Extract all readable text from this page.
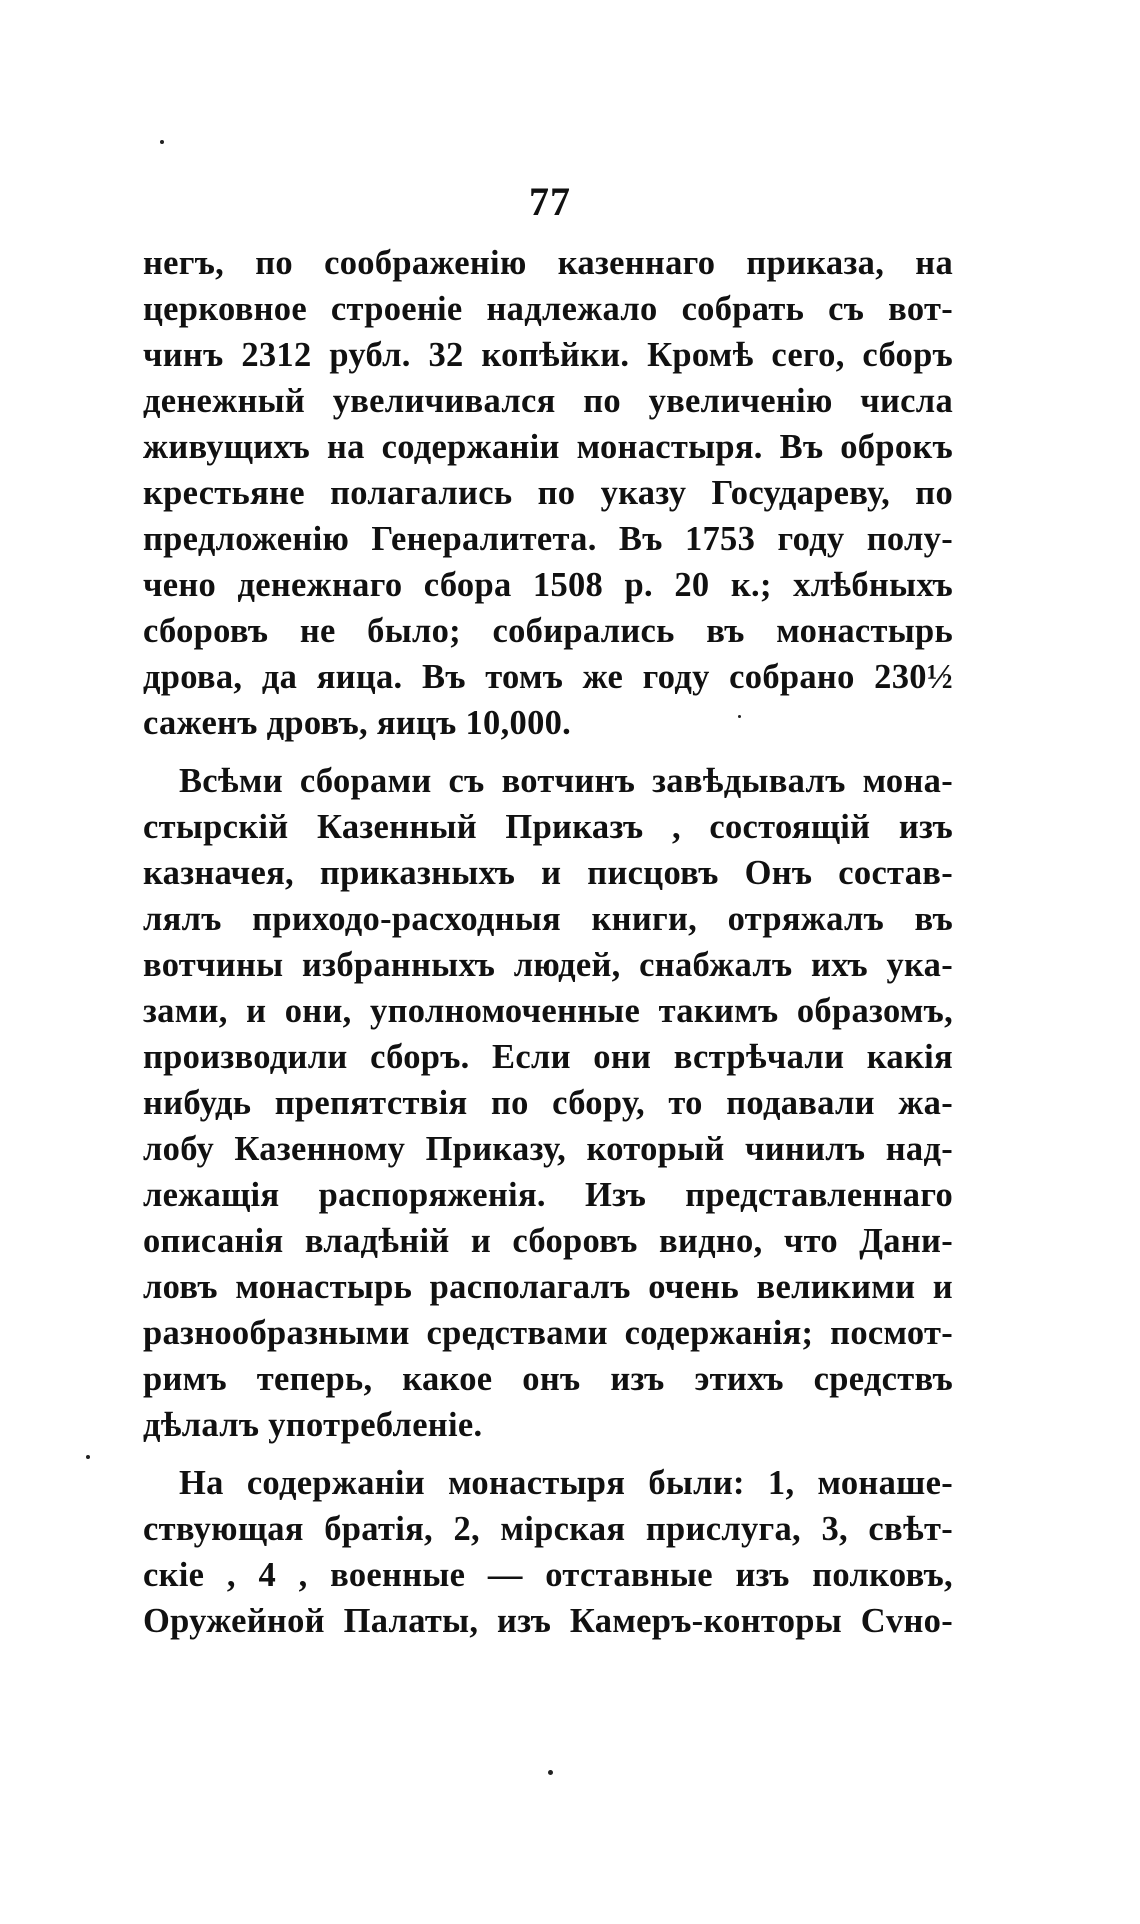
77
негъ, по соображенію казеннаго приказа, на
церковное строеніе надлежало собрать съ вот-
чинъ 2312 рубл. 32 копѣйки. Кромѣ сего, сборъ
денежный увеличивался по увеличенію числа
живущихъ на содержаніи монастыря. Въ оброкъ
крестьяне полагались по указу Государеву, по
предложенію Генералитета. Въ 1753 году полу-
чено денежнаго сбора 1508 р. 20 к.; хлѣбныхъ
сборовъ не было; собирались въ монастырь
дрова, да яица. Въ томъ же году собрано 230½
саженъ дровъ, яицъ 10,000.
Всѣми сборами съ вотчинъ завѣдывалъ мона-
стырскій Казенный Приказъ , состоящій изъ
казначея, приказныхъ и писцовъ Онъ состав-
лялъ приходо-расходныя книги, отряжалъ въ
вотчины избранныхъ людей, снабжалъ ихъ ука-
зами, и они, уполномоченные такимъ образомъ,
производили сборъ. Если они встрѣчали какія
нибудь препятствія по сбору, то подавали жа-
лобу Казенному Приказу, который чинилъ над-
лежащія распоряженія. Изъ представленнаго
описанія владѣній и сборовъ видно, что Дани-
ловъ монастырь располагалъ очень великими и
разнообразными средствами содержанія; посмот-
римъ теперь, какое онъ изъ этихъ средствъ
дѣлалъ употребленіе.
На содержаніи монастыря были: 1, монаше-
ствующая братія, 2, мірская прислуга, 3, свѣт-
скіе , 4 , военные — отставные изъ полковъ,
Оружейной Палаты, изъ Камеръ-конторы Сvно-
